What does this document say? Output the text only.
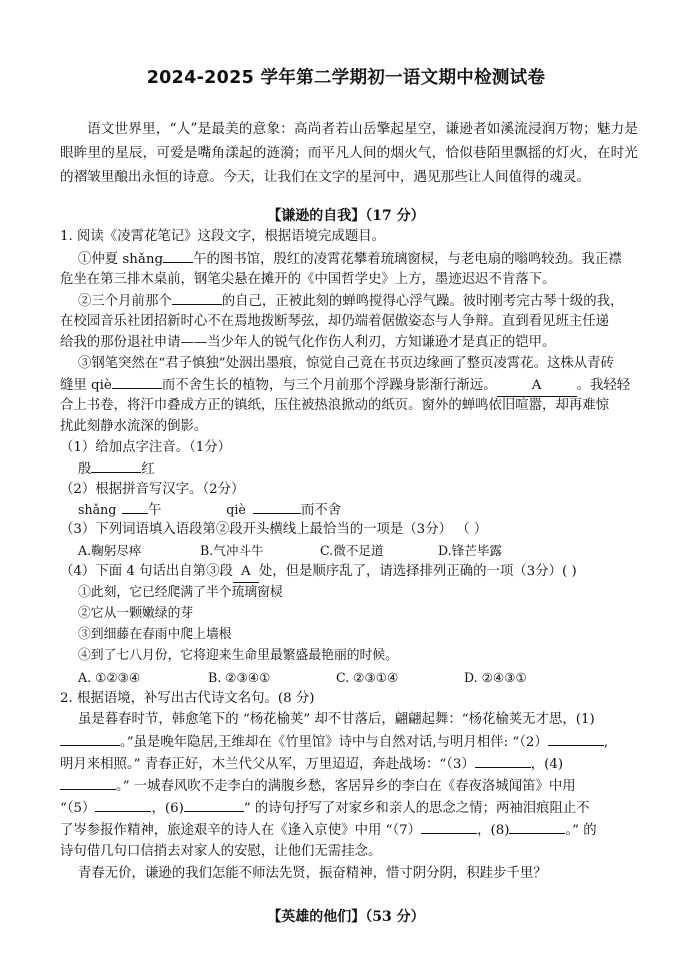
2024-2025 学年第二学期初一语文期中检测试卷
语文世界里，“人”是最美的意象：高尚者若山岳擎起星空，谦逊者如溪流浸润万物；魅力是眼眸里的星辰，可爱是嘴角漾起的涟漪；而平凡人间的烟火气，恰似巷陌里飘摇的灯火，在时光的褶皱里酿出永恒的诗意。今天，让我们在文字的星河中，遇见那些让人间值得的魂灵。
【谦逊的自我】（17 分）
1. 阅读《凌霄花笔记》这段文字，根据语境完成题目。
①仲夏 shǎng 午的图书馆，殷红的凌霄花攀着琉璃窗棂，与老电扇的嗡鸣较劲。我正襟
危坐在第三排木桌前，钢笔尖悬在摊开的《中国哲学史》上方，墨迹迟迟不肯落下。
②三个月前那个	的自己，正被此刻的蝉鸣搅得心浮气躁。彼时刚考完古琴十级的我，
在校园音乐社团招新时心不在焉地拨断琴弦，却仍端着倨傲姿态与人争辩。直到看见班主任递
给我的那份退社申请——当少年人的锐气化作伤人利刃，方知谦逊才是真正的铠甲。
③钢笔突然在“君子慎独”处洇出墨痕，惊觉自己竟在书页边缘画了整页凌霄花。这株从青砖
缝里 qiè	而不舍生长的植物，与三个月前那个浮躁身影渐行渐远。	A	。我轻轻
合上书卷，将汗巾叠成方正的镇纸，压住被热浪掀动的纸页。窗外的蝉鸣依旧喧嚣，却再难惊
扰此刻静水流深的倒影。
（1）给加点字注音。（1分）
殷	红
（2）根据拼音写汉字。（2分）
shǎng	qiè
午	而不舍
（3）下列词语填入语段第②段开头横线上最恰当的一项是（3分） （ ）
A.鞠躬尽瘁	B.气冲斗牛	C.微不足道	D.锋芒毕露
（4）下面 4 句话出自第③段 A 处，但是顺序乱了，请选择排列正确的一项（3分）( )
①此刻，它已经爬满了半个琉璃窗棂
②它从一颗嫩绿的芽
③到细藤在春雨中爬上墙根
④到了七八月份，它将迎来生命里最繁盛最艳丽的时候。
A. ①②③④	B. ②③④①	C. ②③①④	D. ②④③①
2. 根据语境，补写出古代诗文名句。(8 分)
虽是暮春时节，韩愈笔下的 “杨花榆荚” 却不甘落后，翩翩起舞：“杨花榆荚无才思，(1)
。”虽是晚年隐居,王维却在《竹里馆》诗中与自然对话,与明月相伴: “（2）	,
明月来相照。” 青春正好，木兰代父从军，万里迢迢，奔赴战场：“（3）	，(4)
。” 一城春风吹不走李白的满腹乡愁，客居异乡的李白在《春夜洛城闻笛》中用
“（5）	，(6)	” 的诗句抒写了对家乡和亲人的思念之情；两袖泪痕阻止不
了岑参报作精神，旅途艰辛的诗人在《逢入京使》中用 “（7）	，(8)	。” 的
诗句借几句口信捎去对家人的安慰，让他们无需挂念。
青春无价，谦逊的我们怎能不师法先贤，振奋精神，惜寸阴分阴，积跬步千里？
【英雄的他们】（53 分）
